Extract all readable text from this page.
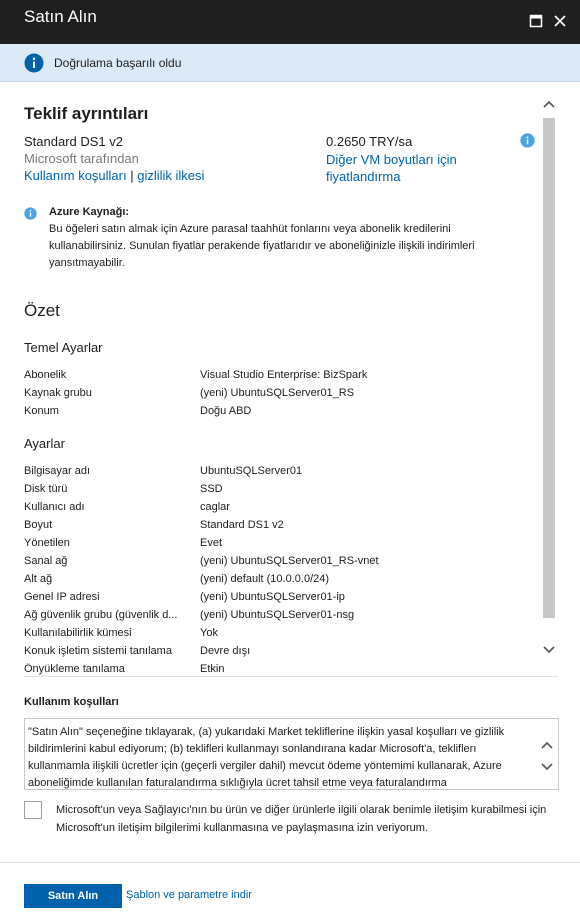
Satın Alın
Doğrulama başarılı oldu
Teklif ayrıntıları
Standard DS1 v2
Microsoft tarafından
Kullanım koşulları | gizlilik ilkesi
0.2650 TRY/sa
Diğer VM boyutları için fiyatlandırma
Azure Kaynağı:
Bu öğeleri satın almak için Azure parasal taahhüt fonlarını veya abonelik kredilerini kullanabilirsiniz. Sunulan fiyatlar perakende fiyatlarıdır ve aboneliğinizle ilişkili indirimleri yansıtmayabilir.
Özet
Temel Ayarlar
Abonelik	Visual Studio Enterprise: BizSpark
Kaynak grubu	(yeni) UbuntuSQLServer01_RS
Konum	Doğu ABD
Ayarlar
Bilgisayar adı	UbuntuSQLServer01
Disk türü	SSD
Kullanıcı adı	caglar
Boyut	Standard DS1 v2
Yönetilen	Evet
Sanal ağ	(yeni) UbuntuSQLServer01_RS-vnet
Alt ağ	(yeni) default (10.0.0.0/24)
Genel IP adresi	(yeni) UbuntuSQLServer01-ip
Ağ güvenlik grubu (güvenlik d...	(yeni) UbuntuSQLServer01-nsg
Kullanılabilirlik kümesi	Yok
Konuk işletim sistemi tanılama	Devre dışı
Önyükleme tanılama	Etkin
Kullanım koşulları
"Satın Alın" seçeneğine tıklayarak, (a) yukarıdaki Market tekliflerine ilişkin yasal koşulları ve gizlilik bildirimlerini kabul ediyorum; (b) teklifleri kullanmayı sonlandırana kadar Microsoft'a, tekliflerı kullanmamla ilişkili ücretler için (geçerli vergiler dahil) mevcut ödeme yöntemimi kullanarak, Azure aboneliğimde kullanılan faturalandırma sıklığıyla ücret tahsil etme veya faturalandırma
Microsoft'un veya Sağlayıcı'nın bu ürün ve diğer ürünlerle ilgili olarak benimle iletişim kurabilmesi için Microsoft'un iletişim bilgilerimi kullanmasına ve paylaşmasına izin veriyorum.
Satın Alın	Şablon ve parametre indir
